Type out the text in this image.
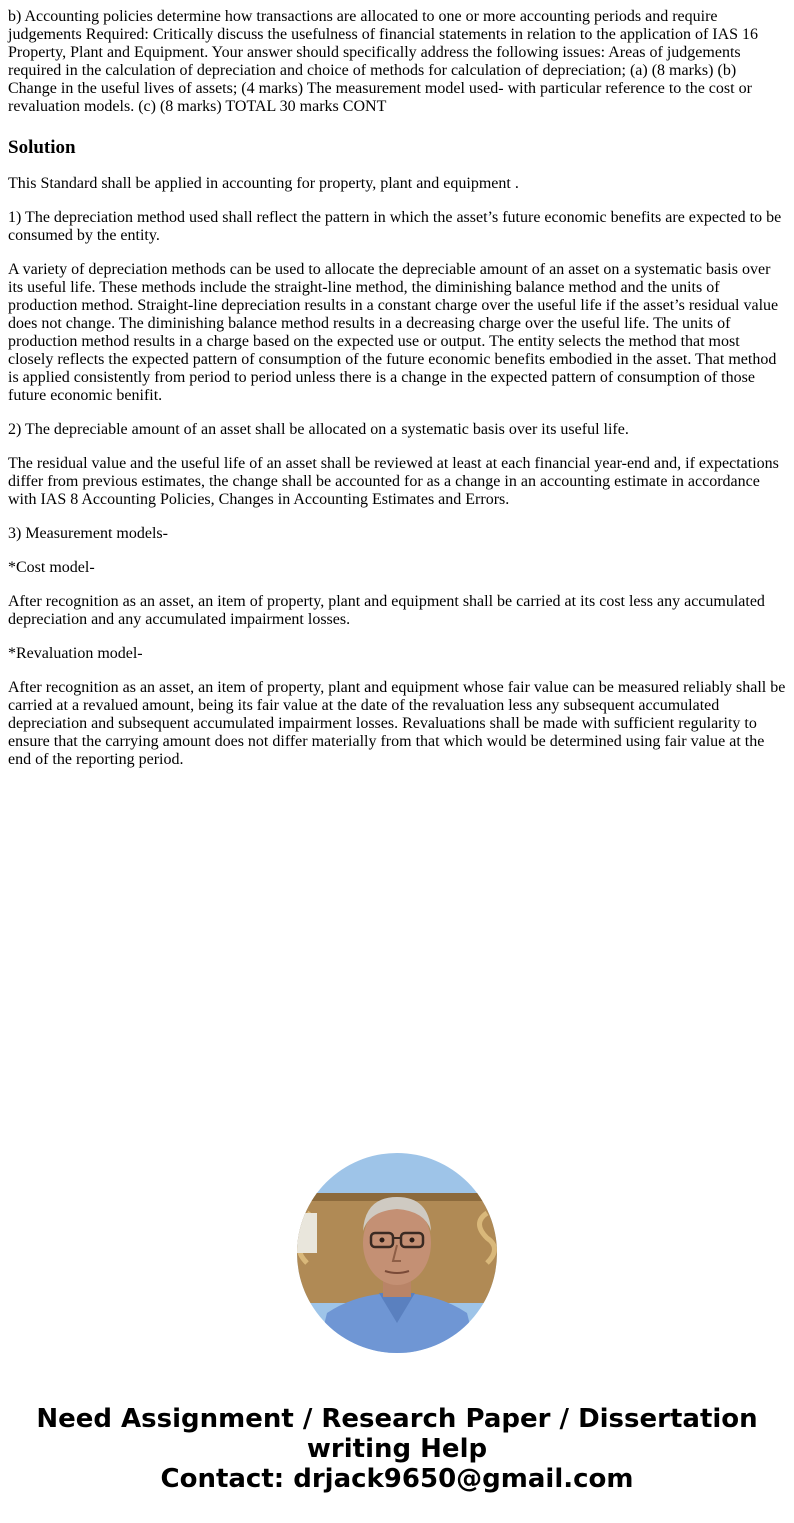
b) Accounting policies determine how transactions are allocated to one or more accounting periods and require judgements Required: Critically discuss the usefulness of financial statements in relation to the application of IAS 16 Property, Plant and Equipment. Your answer should specifically address the following issues: Areas of judgements required in the calculation of depreciation and choice of methods for calculation of depreciation; (a) (8 marks) (b) Change in the useful lives of assets; (4 marks) The measurement model used- with particular reference to the cost or revaluation models. (c) (8 marks) TOTAL 30 marks CONT
Solution

This Standard shall be applied in accounting for property, plant and equipment .

1) The depreciation method used shall reflect the pattern in which the asset’s future economic benefits are expected to be consumed by the entity.

A variety of depreciation methods can be used to allocate the depreciable amount of an asset on a systematic basis over its useful life. These methods include the straight-line method, the diminishing balance method and the units of production method. Straight-line depreciation results in a constant charge over the useful life if the asset’s residual value does not change. The diminishing balance method results in a decreasing charge over the useful life. The units of production method results in a charge based on the expected use or output. The entity selects the method that most closely reflects the expected pattern of consumption of the future economic benefits embodied in the asset. That method is applied consistently from period to period unless there is a change in the expected pattern of consumption of those future economic benifit.

2) The depreciable amount of an asset shall be allocated on a systematic basis over its useful life.

The residual value and the useful life of an asset shall be reviewed at least at each financial year-end and, if expectations differ from previous estimates, the change shall be accounted for as a change in an accounting estimate in accordance with IAS 8 Accounting Policies, Changes in Accounting Estimates and Errors.

3) Measurement models-

*Cost model-

After recognition as an asset, an item of property, plant and equipment shall be carried at its cost less any accumulated depreciation and any accumulated impairment losses.

*Revaluation model-

After recognition as an asset, an item of property, plant and equipment whose fair value can be measured reliably shall be carried at a revalued amount, being its fair value at the date of the revaluation less any subsequent accumulated depreciation and subsequent accumulated impairment losses. Revaluations shall be made with sufficient regularity to ensure that the carrying amount does not differ materially from that which would be determined using fair value at the end of the reporting period.

Need Assignment / Research Paper / Dissertation
writing Help
Contact: drjack9650@gmail.com
